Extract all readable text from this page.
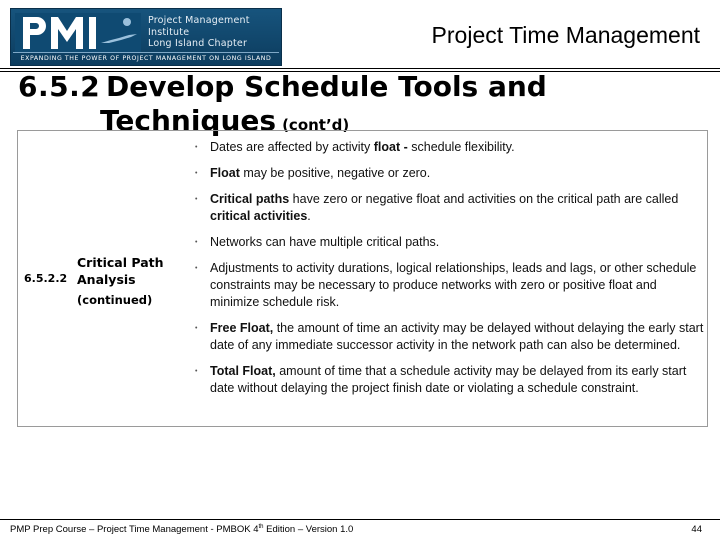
Project Management Institute
Long Island Chapter
EXPANDING THE POWER OF PROJECT MANAGEMENT ON LONG ISLAND
Project Time Management
6.5.2 Develop Schedule Tools and
Techniques (cont’d)
6.5.2.2
Critical Path
Analysis
(continued)
• Dates are affected by activity float - schedule flexibility.
• Float may be positive, negative or zero.
• Critical paths have zero or negative float and activities on the critical path are called critical activities.
• Networks can have multiple critical paths.
• Adjustments to activity durations, logical relationships, leads and lags, or other schedule constraints may be necessary to produce networks with zero or positive float and minimize schedule risk.
• Free Float, the amount of time an activity may be delayed without delaying the early start date of any immediate successor activity in the network path can also be determined.
• Total Float, amount of time that a schedule activity may be delayed from its early start date without delaying the project finish date or violating a schedule constraint.
PMP Prep Course – Project Time Management - PMBOK 4th Edition – Version 1.0	44
